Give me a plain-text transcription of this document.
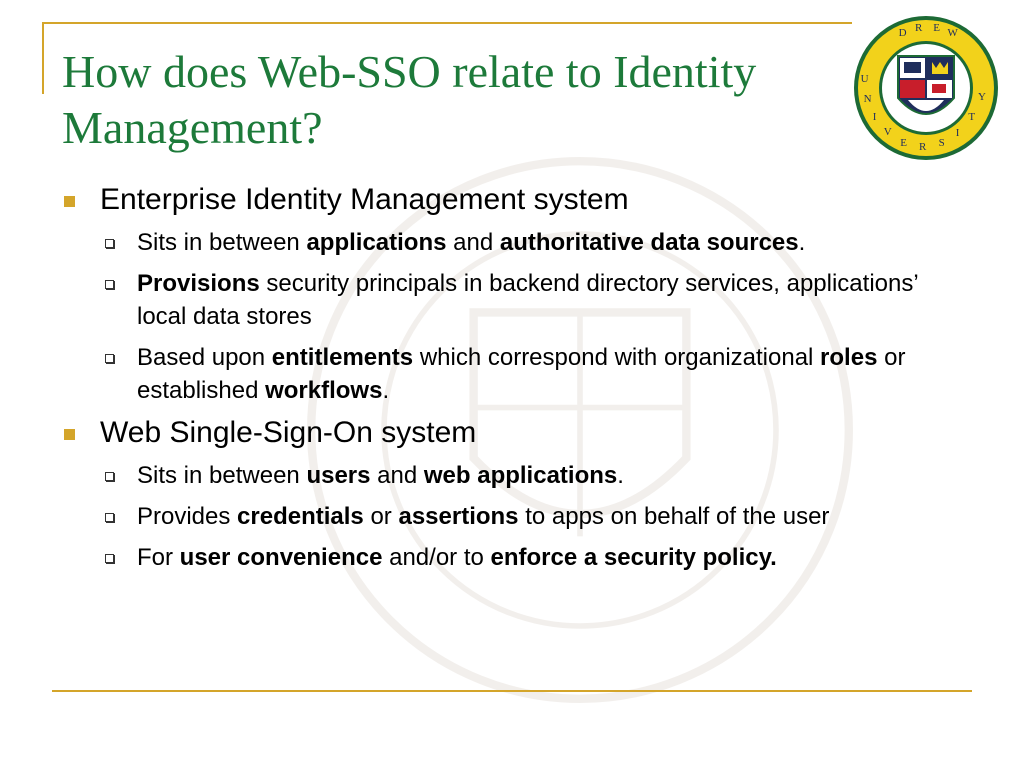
How does Web-SSO relate to Identity Management?
D R E W U N I V E R S I T Y
Enterprise Identity Management system
Sits in between applications and authoritative data sources.
Provisions security principals in backend directory services, applications’ local data stores
Based upon entitlements which correspond with organizational roles or established workflows.
Web Single-Sign-On system
Sits in between users and web applications.
Provides credentials or assertions to apps on behalf of the user
For user convenience and/or to enforce a security policy.
